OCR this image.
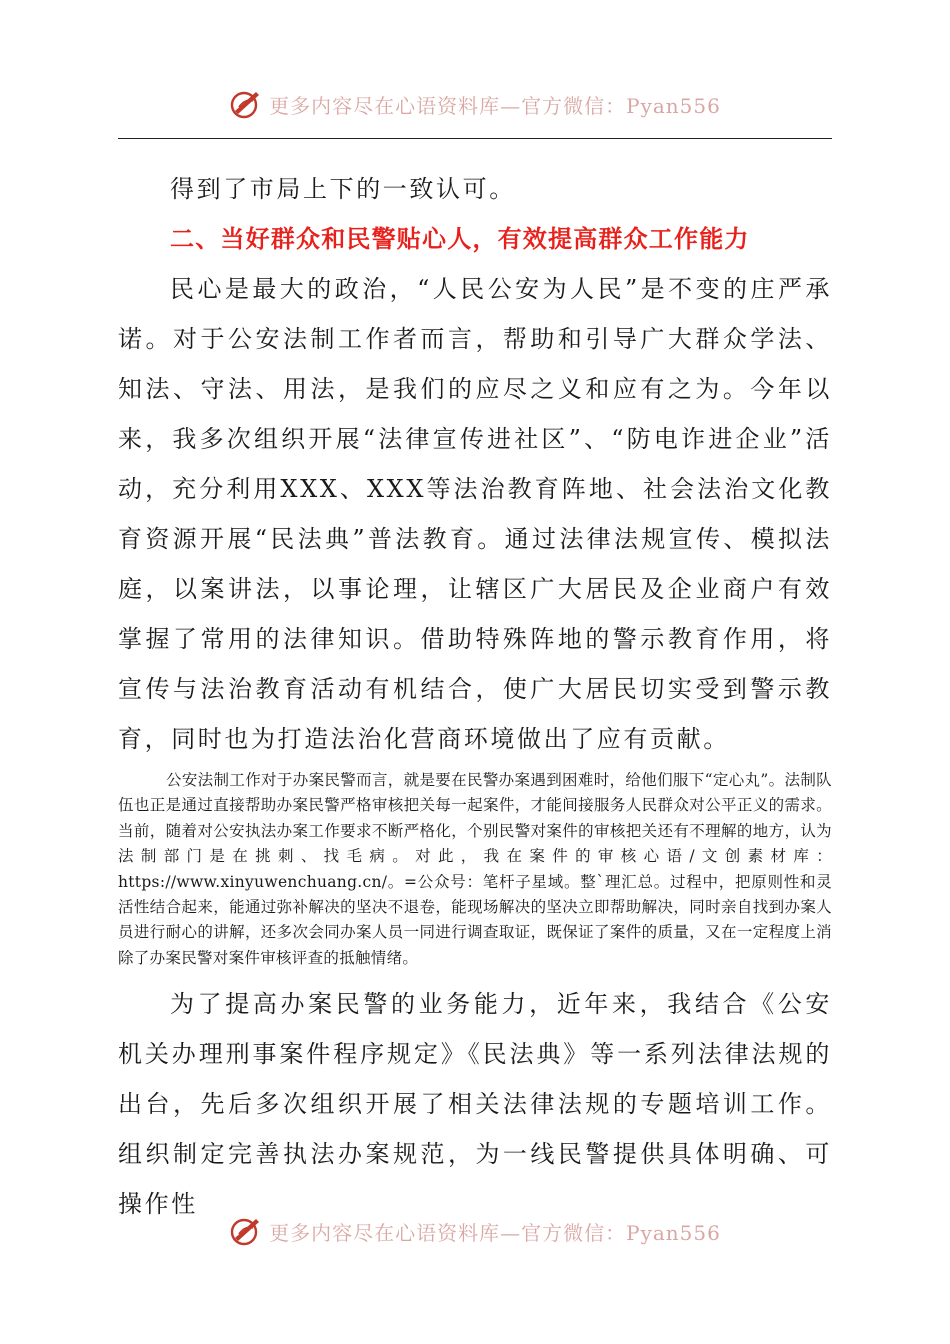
更多内容尽在心语资料库—官方微信：Pyan556

得到了市局上下的一致认可。

二、当好群众和民警贴心人，有效提高群众工作能力

民心是最大的政治，“人民公安为人民”是不变的庄严承诺。对于公安法制工作者而言，帮助和引导广大群众学法、知法、守法、用法，是我们的应尽之义和应有之为。今年以来，我多次组织开展“法律宣传进社区”、“防电诈进企业”活动，充分利用XXX、XXX等法治教育阵地、社会法治文化教育资源开展“民法典”普法教育。通过法律法规宣传、模拟法庭，以案讲法，以事论理，让辖区广大居民及企业商户有效掌握了常用的法律知识。借助特殊阵地的警示教育作用，将宣传与法治教育活动有机结合，使广大居民切实受到警示教育，同时也为打造法治化营商环境做出了应有贡献。

公安法制工作对于办案民警而言，就是要在民警办案遇到困难时，给他们服下“定心丸”。法制队伍也正是通过直接帮助办案民警严格审核把关每一起案件，才能间接服务人民群众对公平正义的需求。当前，随着对公安执法办案工作要求不断严格化，个别民警对案件的审核把关还有不理解的地方，认为法制部门是在挑刺、找毛病。对此，我在案件的审核心语/文创素材库：https://www.xinyuwenchuang.cn/。=公众号：笔杆子星域。整`理汇总。过程中，把原则性和灵活性结合起来，能通过弥补解决的坚决不退卷，能现场解决的坚决立即帮助解决，同时亲自找到办案人员进行耐心的讲解，还多次会同办案人员一同进行调查取证，既保证了案件的质量，又在一定程度上消除了办案民警对案件审核评查的抵触情绪。

为了提高办案民警的业务能力，近年来，我结合《公安机关办理刑事案件程序规定》《民法典》等一系列法律法规的出台，先后多次组织开展了相关法律法规的专题培训工作。组织制定完善执法办案规范，为一线民警提供具体明确、可操作性

更多内容尽在心语资料库—官方微信：Pyan556
